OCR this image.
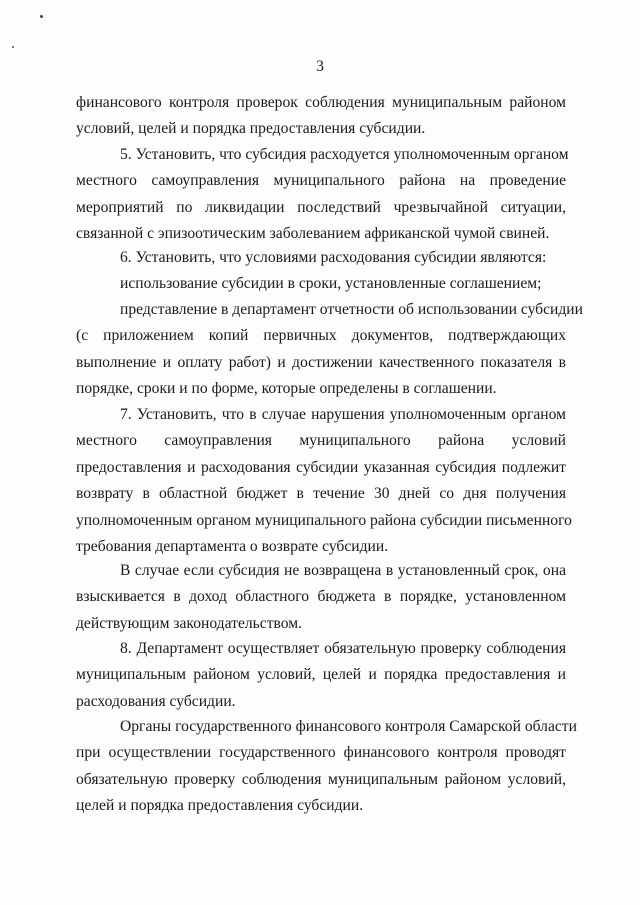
3

финансового контроля проверок соблюдения муниципальным районом
условий, целей и порядка предоставления субсидии.

5. Установить, что субсидия расходуется уполномоченным органом
местного самоуправления муниципального района на проведение
мероприятий по ликвидации последствий чрезвычайной ситуации,
связанной с эпизоотическим заболеванием африканской чумой свиней.

6. Установить, что условиями расходования субсидии являются:

использование субсидии в сроки, установленные соглашением;

представление в департамент отчетности об использовании субсидии
(с приложением копий первичных документов, подтверждающих
выполнение и оплату работ) и достижении качественного показателя в
порядке, сроки и по форме, которые определены в соглашении.

7. Установить, что в случае нарушения уполномоченным органом
местного самоуправления муниципального района условий
предоставления и расходования субсидии указанная субсидия подлежит
возврату в областной бюджет в течение 30 дней со дня получения
уполномоченным органом муниципального района субсидии письменного
требования департамента о возврате субсидии.

В случае если субсидия не возвращена в установленный срок, она
взыскивается в доход областного бюджета в порядке, установленном
действующим законодательством.

8. Департамент осуществляет обязательную проверку соблюдения
муниципальным районом условий, целей и порядка предоставления и
расходования субсидии.

Органы государственного финансового контроля Самарской области
при осуществлении государственного финансового контроля проводят
обязательную проверку соблюдения муниципальным районом условий,
целей и порядка предоставления субсидии.
